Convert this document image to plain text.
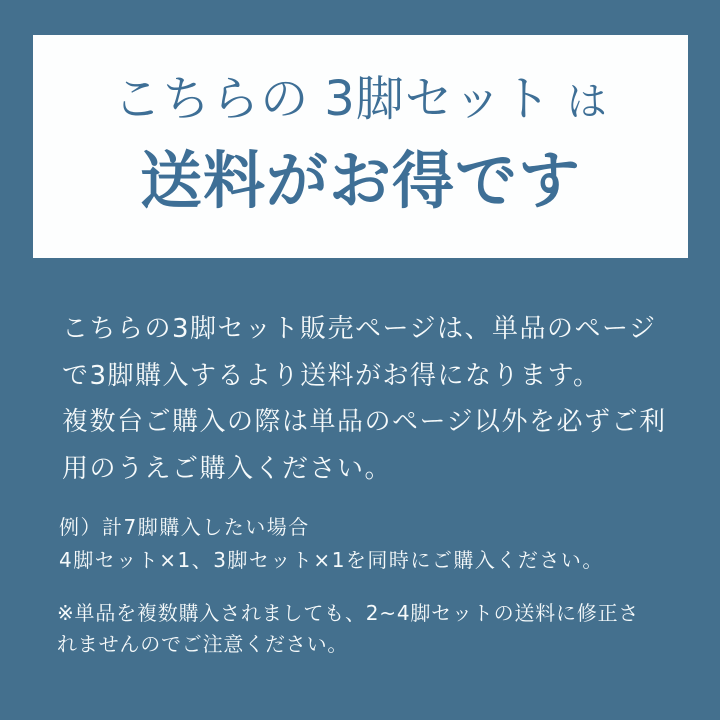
こちらの 3脚セット は
送料がお得です
こちらの3脚セット販売ページは、単品のページ
で3脚購入するより送料がお得になります。
複数台ご購入の際は単品のページ以外を必ずご利
用のうえご購入ください。
例）計7脚購入したい場合
4脚セット×1、3脚セット×1を同時にご購入ください。
※単品を複数購入されましても、2~4脚セットの送料に修正さ
れませんのでご注意ください。
